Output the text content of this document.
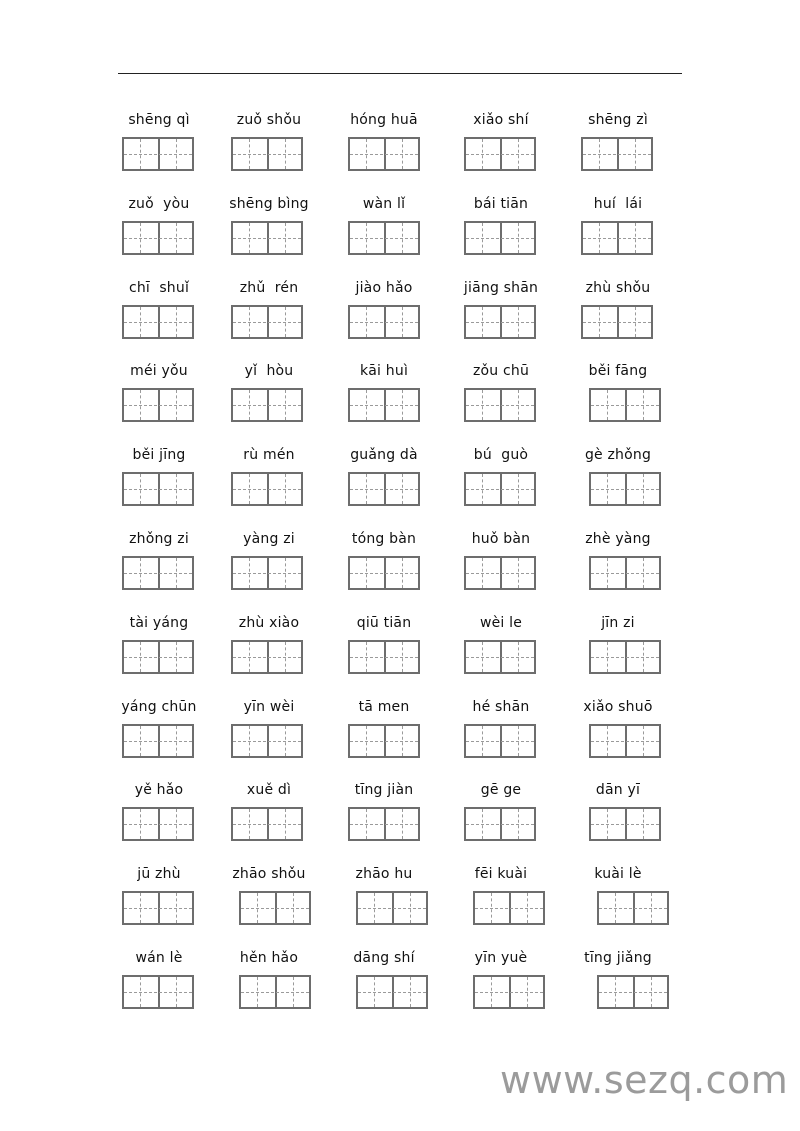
shēng qì	zuǒ shǒu	hóng huā	xiǎo shí	shēng zì
zuǒ  yòu	shēng bìng	wàn lǐ	bái tiān	huí  lái
chī  shuǐ	zhǔ  rén	jiào hǎo	jiāng shān	zhù shǒu
méi yǒu	yǐ  hòu	kāi huì	zǒu chū	běi fāng
běi jīng	rù mén	guǎng dà	bú  guò	gè zhǒng
zhǒng zi	yàng zi	tóng bàn	huǒ bàn	zhè yàng
tài yáng	zhù xiào	qiū tiān	wèi le	jīn zi
yáng chūn	yīn wèi	tā men	hé shān	xiǎo shuō
yě hǎo	xuě dì	tīng jiàn	gē ge	dān yī
jū zhù	zhāo shǒu	zhāo hu	fēi kuài	kuài lè
wán lè	hěn hǎo	dāng shí	yīn yuè	tīng jiǎng
www.sezq.com
